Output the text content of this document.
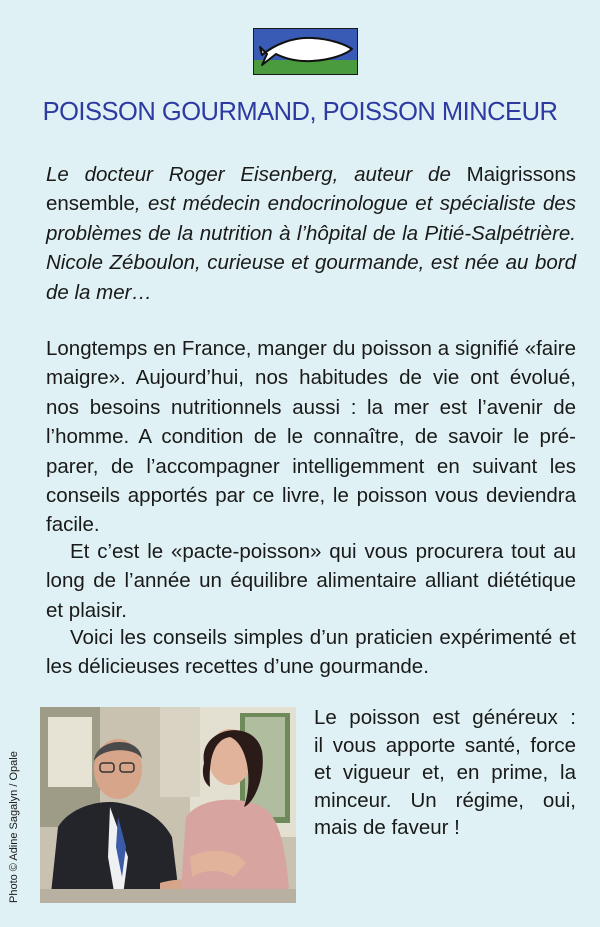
POISSON GOURMAND, POISSON MINCEUR
Le docteur Roger Eisenberg, auteur de Maigrissons ensemble, est médecin endocrinologue et spécialiste des problèmes de la nutrition à l’hôpital de la Pitié-Salpétrière. Nicole Zéboulon, curieuse et gourmande, est née au bord de la mer…
Longtemps en France, manger du poisson a signifié «faire maigre». Aujourd’hui, nos habitudes de vie ont évolué, nos besoins nutritionnels aussi : la mer est l’avenir de l’homme. A condition de le connaître, de savoir le préparer, de l’accompagner intelligemment en suivant les conseils apportés par ce livre, le poisson vous deviendra facile.
Et c’est le «pacte-poisson» qui vous procurera tout au long de l’année un équilibre alimentaire alliant diététique et plaisir.
Voici les conseils simples d’un praticien expérimenté et les délicieuses recettes d’une gourmande.
Photo © Adine Sagalyn / Opale
Le poisson est généreux :
il vous apporte santé, force
et vigueur et, en prime, la
minceur. Un régime, oui,
mais de faveur !
